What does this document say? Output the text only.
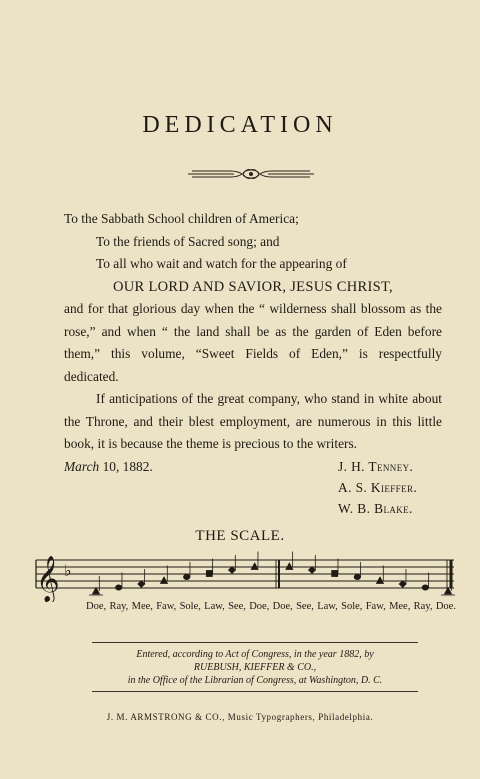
DEDICATION
To the Sabbath School children of America;
To the friends of Sacred song; and
To all who wait and watch for the appearing of
OUR LORD AND SAVIOR, JESUS CHRIST,
and for that glorious day when the “ wilderness shall blossom as the
rose,” and when “ the land shall be as the garden of Eden before
them,” this volume, “Sweet Fields of Eden,” is respectfully
dedicated.
If anticipations of the great company, who stand in white about
the Throne, and their blest employment, are numerous in this little
book, it is because the theme is precious to the writers.
March 10, 1882.	J. H. Tenney.
A. S. Kieffer.
W. B. Blake.
THE SCALE.
𝄞 ♭
Doe, Ray, Mee, Faw, Sole, Law, See, Doe, Doe, See, Law, Sole, Faw, Mee, Ray, Doe.
Entered, according to Act of Congress, in the year 1882, by
RUEBUSH, KIEFFER & CO.,
in the Office of the Librarian of Congress, at Washington, D. C.
J. M. ARMSTRONG & CO., Music Typographers, Philadelphia.
